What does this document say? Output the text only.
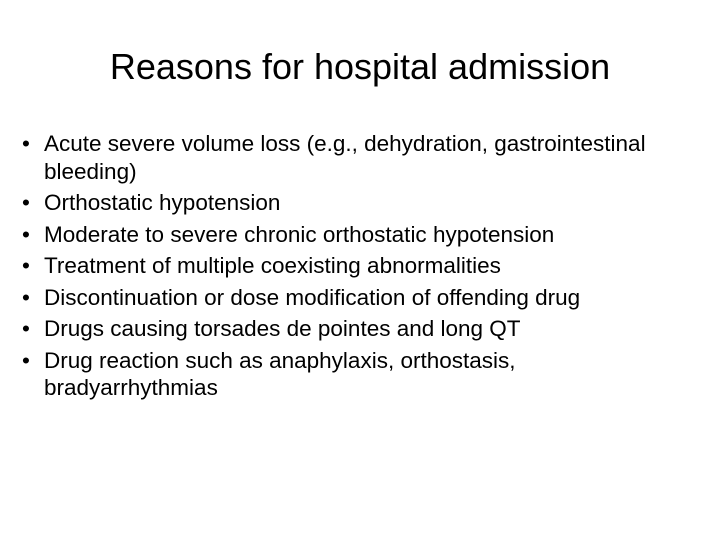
Reasons for hospital admission
• Acute severe volume loss (e.g., dehydration, gastrointestinal bleeding)
• Orthostatic hypotension
• Moderate to severe chronic orthostatic hypotension
• Treatment of multiple coexisting abnormalities
• Discontinuation or dose modification of offending drug
• Drugs causing torsades de pointes and long QT
• Drug reaction such as anaphylaxis, orthostasis, bradyarrhythmias
